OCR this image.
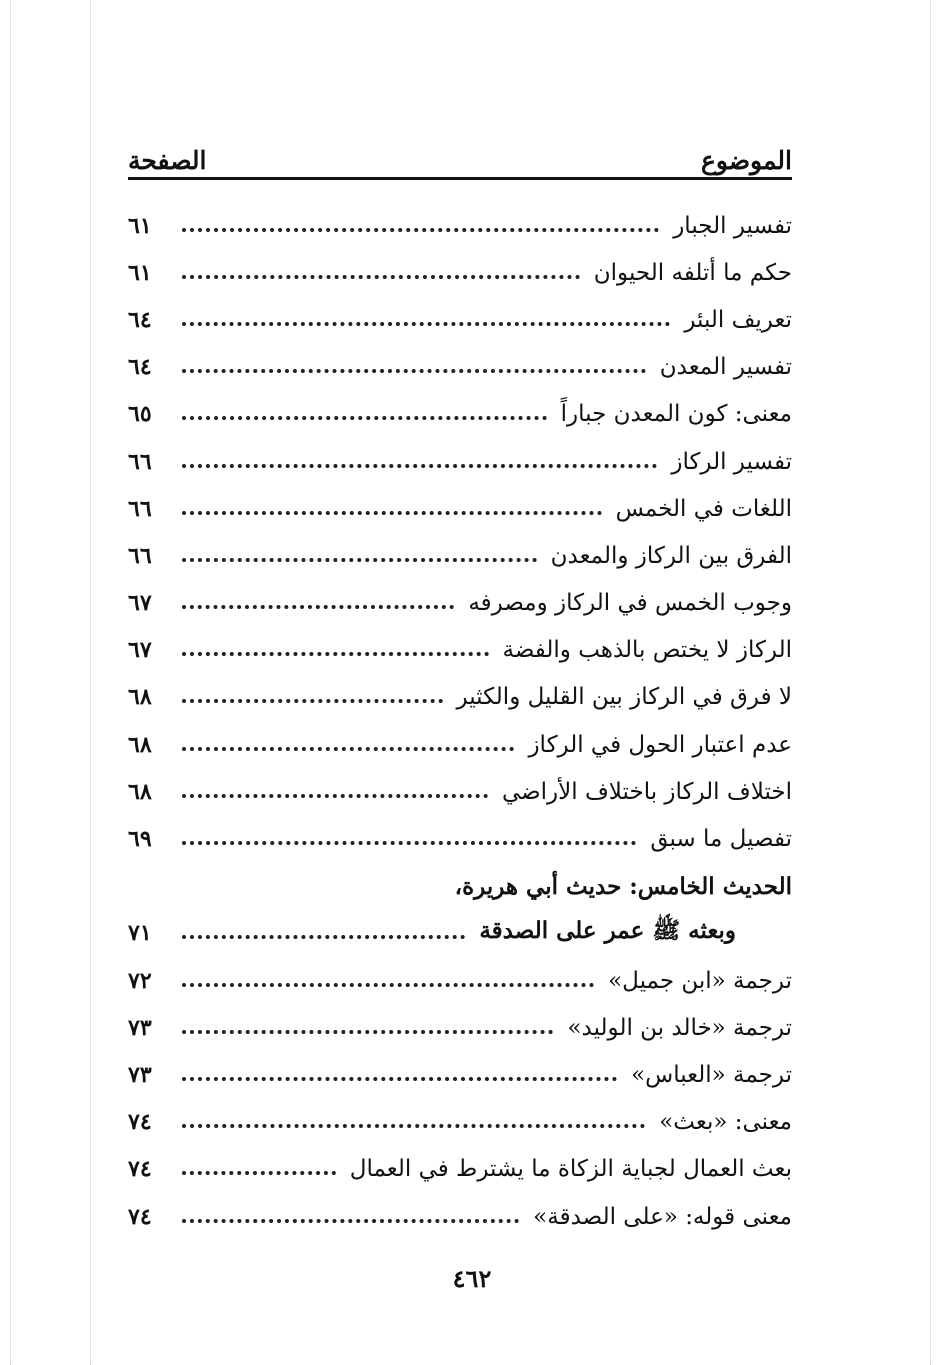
الموضوع
الصفحة
تفسير الجبار
٦١
حكم ما أتلفه الحيوان
٦١
تعريف البئر
٦٤
تفسير المعدن
٦٤
معنى: كون المعدن جباراً
٦٥
تفسير الركاز
٦٦
اللغات في الخمس
٦٦
الفرق بين الركاز والمعدن
٦٦
وجوب الخمس في الركاز ومصرفه
٦٧
الركاز لا يختص بالذهب والفضة
٦٧
لا فرق في الركاز بين القليل والكثير
٦٨
عدم اعتبار الحول في الركاز
٦٨
اختلاف الركاز باختلاف الأراضي
٦٨
تفصيل ما سبق
٦٩
الحديث الخامس: حديث أبي هريرة،
وبعثه ﷺ عمر على الصدقة
٧١
ترجمة «ابن جميل»
٧٢
ترجمة «خالد بن الوليد»
٧٣
ترجمة «العباس»
٧٣
معنى: «بعث»
٧٤
بعث العمال لجباية الزكاة ما يشترط في العمال
٧٤
معنى قوله: «على الصدقة»
٧٤
٤٦٢
